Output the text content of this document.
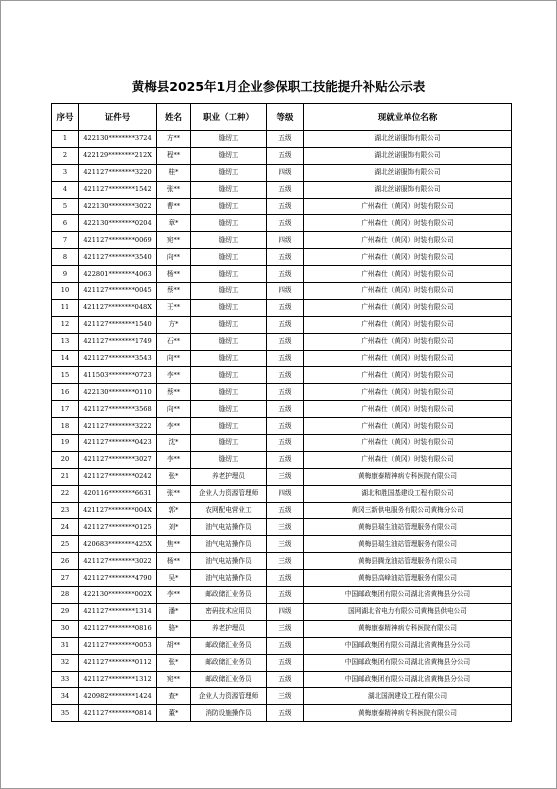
黄梅县2025年1月企业参保职工技能提升补贴公示表
序号	证件号	姓名	职业（工种）	等级	现就业单位名称
1	422130********3724	方**	缝纫工	五级	湖北丝诺服饰有限公司
2	422129********212X	程**	缝纫工	五级	湖北丝诺服饰有限公司
3	421127********3220	桂*	缝纫工	四级	湖北丝诺服饰有限公司
4	421127********1542	张**	缝纫工	五级	湖北丝诺服饰有限公司
5	422130********3022	曹**	缝纫工	五级	广州森仕（黄冈）时装有限公司
6	422130********0204	章*	缝纫工	五级	广州森仕（黄冈）时装有限公司
7	421127********0069	宛**	缝纫工	四级	广州森仕（黄冈）时装有限公司
8	421127********3540	向**	缝纫工	五级	广州森仕（黄冈）时装有限公司
9	422801********4063	杨**	缝纫工	五级	广州森仕（黄冈）时装有限公司
10	421127********0045	蔡**	缝纫工	四级	广州森仕（黄冈）时装有限公司
11	421127********048X	王**	缝纫工	五级	广州森仕（黄冈）时装有限公司
12	421127********1540	方*	缝纫工	五级	广州森仕（黄冈）时装有限公司
13	421127********1749	石**	缝纫工	五级	广州森仕（黄冈）时装有限公司
14	421127********3543	向**	缝纫工	五级	广州森仕（黄冈）时装有限公司
15	411503********0723	李**	缝纫工	五级	广州森仕（黄冈）时装有限公司
16	422130********0110	蔡**	缝纫工	五级	广州森仕（黄冈）时装有限公司
17	421127********3568	向**	缝纫工	五级	广州森仕（黄冈）时装有限公司
18	421127********3222	李**	缝纫工	五级	广州森仕（黄冈）时装有限公司
19	421127********0423	沈*	缝纫工	五级	广州森仕（黄冈）时装有限公司
20	421127********3027	李**	缝纫工	五级	广州森仕（黄冈）时装有限公司
21	421127********0242	张*	养老护理员	三级	黄梅康泰精神病专科医院有限公司
22	420116********6631	张**	企业人力资源管理师	四级	湖北和胜国基建设工程有限公司
23	421127********004X	郭*	农网配电营业工	五级	黄冈三新供电服务有限公司黄梅分公司
24	421127********0125	刘*	油气电站操作员	三级	黄梅县瑞生油站管理服务有限公司
25	420683********425X	焦**	油气电站操作员	三级	黄梅县瑞生油站管理服务有限公司
26	421127********3022	杨**	油气电站操作员	三级	黄梅县腾龙油站管理服务有限公司
27	421127********4790	吴*	油气电站操作员	五级	黄梅县高峰油站管理服务有限公司
28	422130********002X	李**	邮政储汇业务员	五级	中国邮政集团有限公司湖北省黄梅县分公司
29	421127********1314	潘*	密码技术应用员	四级	国网湖北省电力有限公司黄梅县供电公司
30	421127********0816	骆*	养老护理员	三级	黄梅康泰精神病专科医院有限公司
31	421127********0053	胡**	邮政储汇业务员	五级	中国邮政集团有限公司湖北省黄梅县分公司
32	421127********0112	张*	邮政储汇业务员	五级	中国邮政集团有限公司湖北省黄梅县分公司
33	421127********1312	宛**	邮政储汇业务员	五级	中国邮政集团有限公司湖北省黄梅县分公司
34	420982********1424	查*	企业人力资源管理师	三级	湖北国润建设工程有限公司
35	421127********0814	董*	消防设施操作员	五级	黄梅康泰精神病专科医院有限公司
